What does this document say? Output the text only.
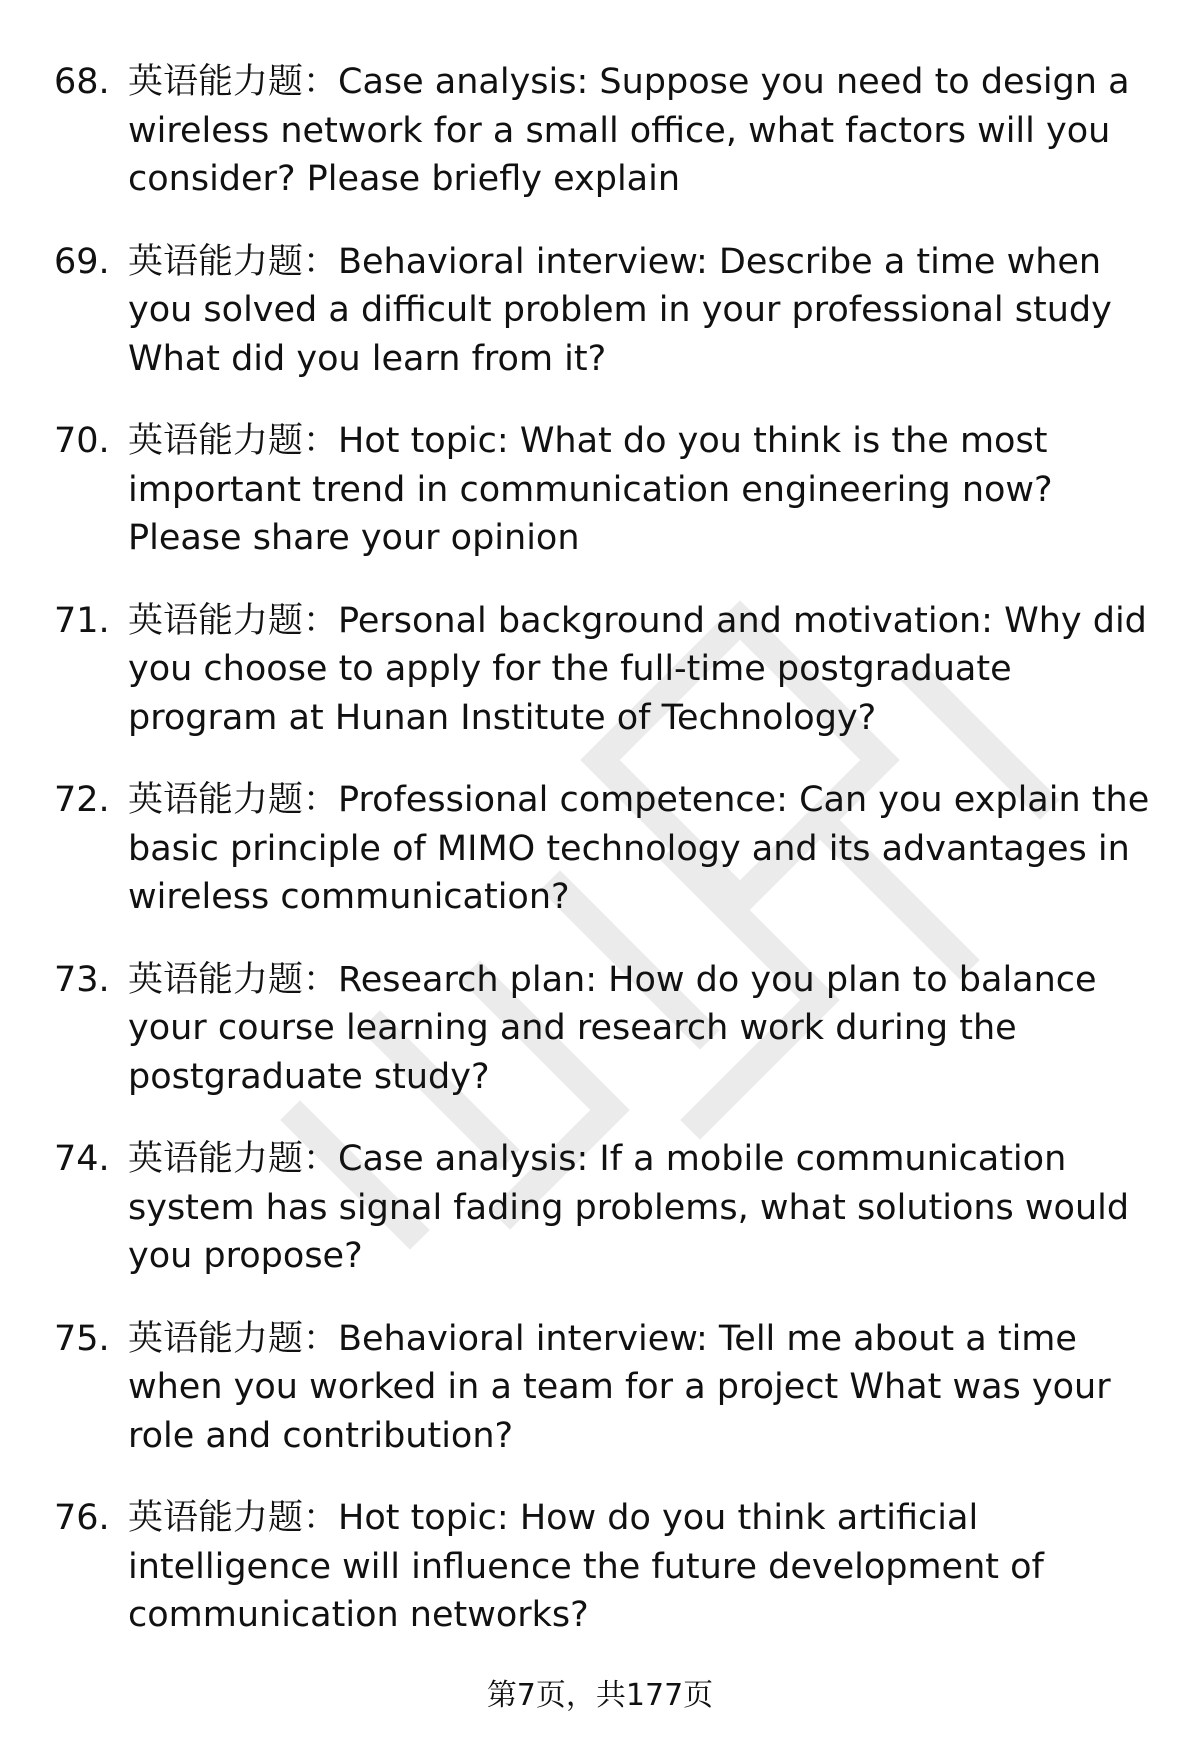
68. 英语能力题：Case analysis: Suppose you need to design a wireless network for a small office, what factors will you consider? Please briefly explain
69. 英语能力题：Behavioral interview: Describe a time when you solved a difficult problem in your professional study What did you learn from it?
70. 英语能力题：Hot topic: What do you think is the most important trend in communication engineering now? Please share your opinion
71. 英语能力题：Personal background and motivation: Why did you choose to apply for the full-time postgraduate program at Hunan Institute of Technology?
72. 英语能力题：Professional competence: Can you explain the basic principle of MIMO technology and its advantages in wireless communication?
73. 英语能力题：Research plan: How do you plan to balance your course learning and research work during the postgraduate study?
74. 英语能力题：Case analysis: If a mobile communication system has signal fading problems, what solutions would you propose?
75. 英语能力题：Behavioral interview: Tell me about a time when you worked in a team for a project What was your role and contribution?
76. 英语能力题：Hot topic: How do you think artificial intelligence will influence the future development of communication networks?
第7页，共177页
